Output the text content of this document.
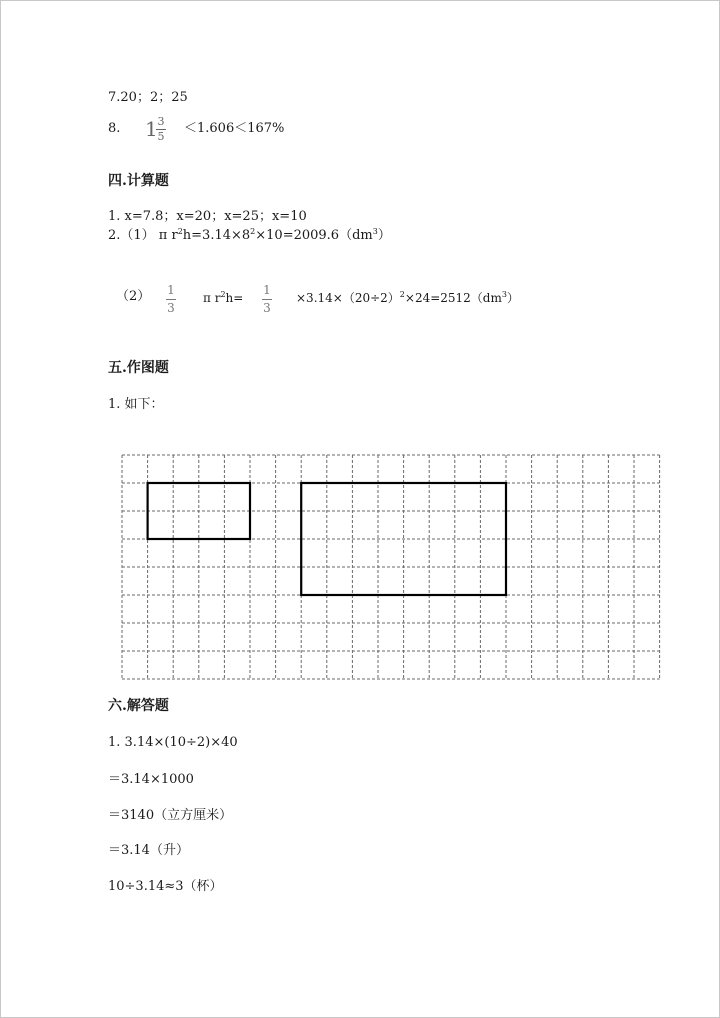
7.20；2；25
8. 1 3
5
＜1.606＜167%
四.计算题
1. x=7.8；x=20；x=25；x=10
2.（1） π $r^2h=3.14\times 8^2\times 10=2009.6(dm^3)$
（2） 1
3
π $r^2h=$
1
3
$\times 3.14\times(20\div 2)^2\times 24=2512(dm^3)$
五.作图题
1. 如下：
六.解答题
1. 3.14×(10÷2)×40
＝3.14×1000
＝3140（立方厘米）
＝3.14（升）
10÷3.14≈3（杯）
